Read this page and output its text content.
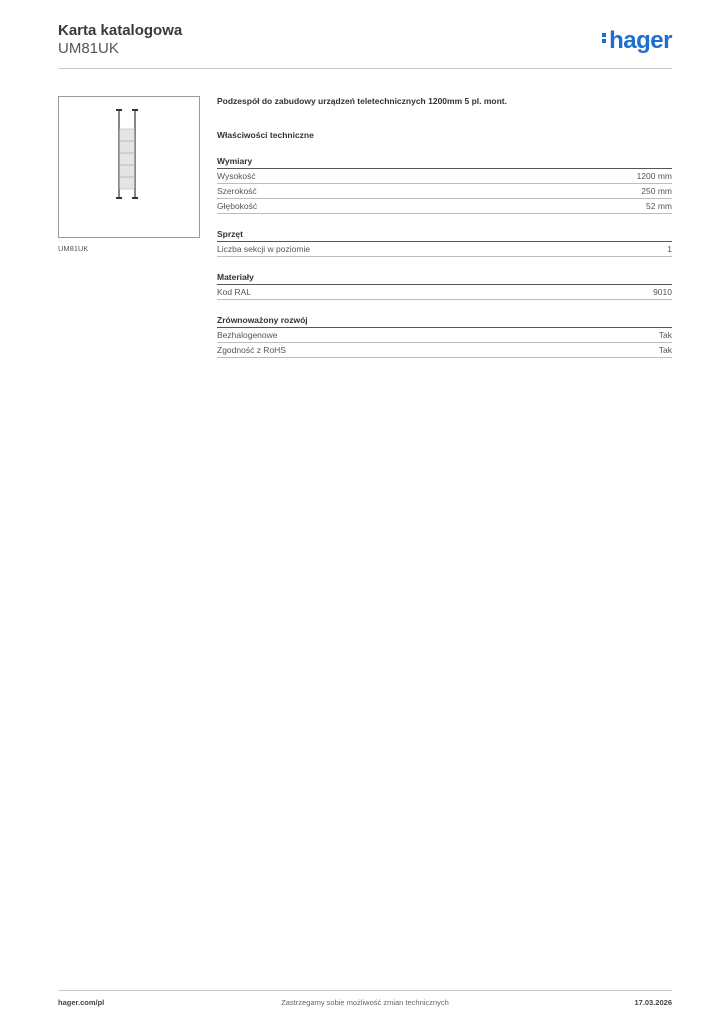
Karta katalogowa
UM81UK	hager
UM81UK
Podzespół do zabudowy urządzeń teletechnicznych 1200mm 5 pl. mont.
Właściwości techniczne
Wymiary
Wysokość	1200 mm
Szerokość	250 mm
Głębokość	52 mm
Sprzęt
Liczba sekcji w poziomie	1
Materiały
Kod RAL	9010
Zrównoważony rozwój
Bezhalogenowe	Tak
Zgodność z RoHS	Tak
hager.com/pl	Zastrzegamy sobie możliwość zmian technicznych	17.03.2026
